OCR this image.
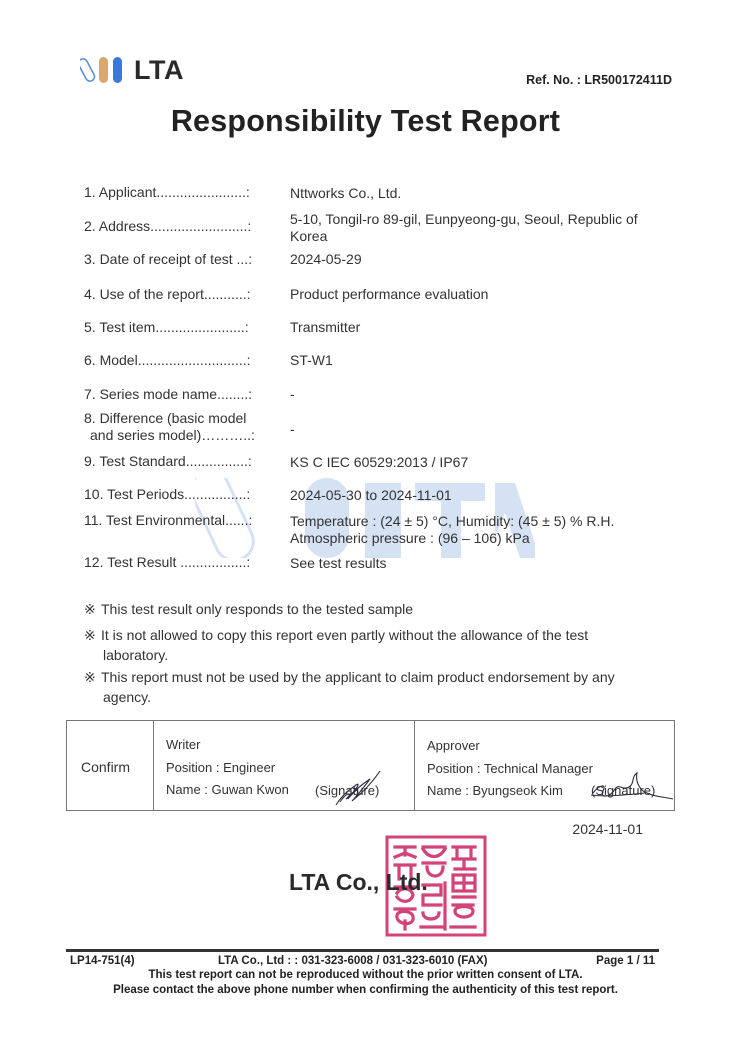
LTA	Ref. No. : LR500172411D
Responsibility Test Report
1. Applicant.......................:	Nttworks Co., Ltd.
2. Address.........................:	5-10, Tongil-ro 89-gil, Eunpyeong-gu, Seoul, Republic of Korea
3. Date of receipt of test ...:	2024-05-29
4. Use of the report...........:	Product performance evaluation
5. Test item.......................:	Transmitter
6. Model............................:	ST-W1
7. Series mode name........:	-
8. Difference (basic model
and series model)………..:	-
9. Test Standard................:	KS C IEC 60529:2013 / IP67
10. Test Periods................:	2024-05-30 to 2024-11-01
11. Test Environmental......:	Temperature : (24 ± 5) °C, Humidity: (45 ± 5) % R.H.
Atmospheric pressure : (96 – 106) kPa
12. Test Result .................:	See test results
※ This test result only responds to the tested sample
※ It is not allowed to copy this report even partly without the allowance of the test
laboratory.
※ This report must not be used by the applicant to claim product endorsement by any
agency.
Confirm
Writer
Position : Engineer
Name : Guwan Kwon (Signature)
Approver
Position : Technical Manager
Name : Byungseok Kim (Signature)
2024-11-01
LTA Co., Ltd.
LP14-751(4)	LTA Co., Ltd : : 031-323-6008 / 031-323-6010 (FAX)	Page 1 / 11
This test report can not be reproduced without the prior written consent of LTA.
Please contact the above phone number when confirming the authenticity of this test report.
